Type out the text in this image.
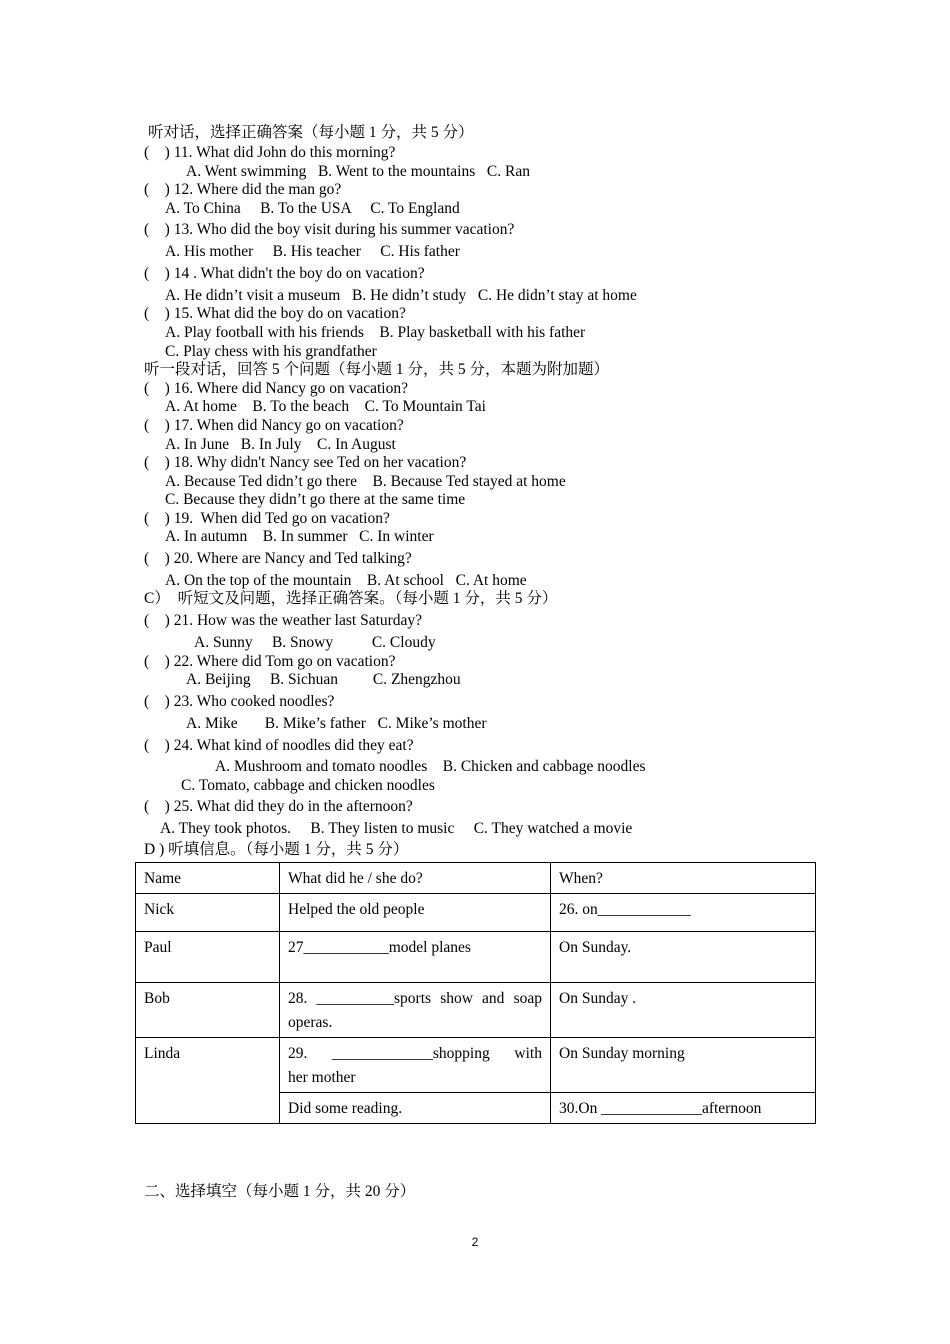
听对话，选择正确答案（每小题 1 分，共 5 分）
(    ) 11. What did John do this morning?
A. Went swimming   B. Went to the mountains   C. Ran
(    ) 12. Where did the man go?
A. To China     B. To the USA     C. To England
(    ) 13. Who did the boy visit during his summer vacation?
A. His mother     B. His teacher     C. His father
(    ) 14 . What didn't the boy do on vacation?
A. He didn’t visit a museum   B. He didn’t study   C. He didn’t stay at home
(    ) 15. What did the boy do on vacation?
A. Play football with his friends    B. Play basketball with his father
C. Play chess with his grandfather
听一段对话，回答 5 个问题（每小题 1 分，共 5 分，本题为附加题）
(    ) 16. Where did Nancy go on vacation?
A. At home    B. To the beach    C. To Mountain Tai
(    ) 17. When did Nancy go on vacation?
A. In June   B. In July    C. In August
(    ) 18. Why didn't Nancy see Ted on her vacation?
A. Because Ted didn’t go there    B. Because Ted stayed at home
C. Because they didn’t go there at the same time
(    ) 19.  When did Ted go on vacation?
A. In autumn    B. In summer   C. In winter
(    ) 20. Where are Nancy and Ted talking?
A. On the top of the mountain    B. At school   C. At home
C）  听短文及问题，选择正确答案。（每小题 1 分，共 5 分）
(    ) 21. How was the weather last Saturday?
A. Sunny     B. Snowy          C. Cloudy
(    ) 22. Where did Tom go on vacation?
A. Beijing     B. Sichuan         C. Zhengzhou
(    ) 23. Who cooked noodles?
A. Mike       B. Mike’s father   C. Mike’s mother
(    ) 24. What kind of noodles did they eat?
A. Mushroom and tomato noodles    B. Chicken and cabbage noodles
C. Tomato, cabbage and chicken noodles
(    ) 25. What did they do in the afternoon?
A. They took photos.     B. They listen to music     C. They watched a movie
D ) 听填信息。（每小题 1 分，共 5 分）
Name	What did he / she do?	When?
Nick	Helped the old people	26. on____________
Paul	27___________model planes	On Sunday.
Bob	28. __________sports show and soap operas.	On Sunday .
Linda	29.    _____________shopping    with her mother	On Sunday morning
	Did some reading.	30.On _____________afternoon
二、选择填空（每小题 1 分，共 20 分）
2
